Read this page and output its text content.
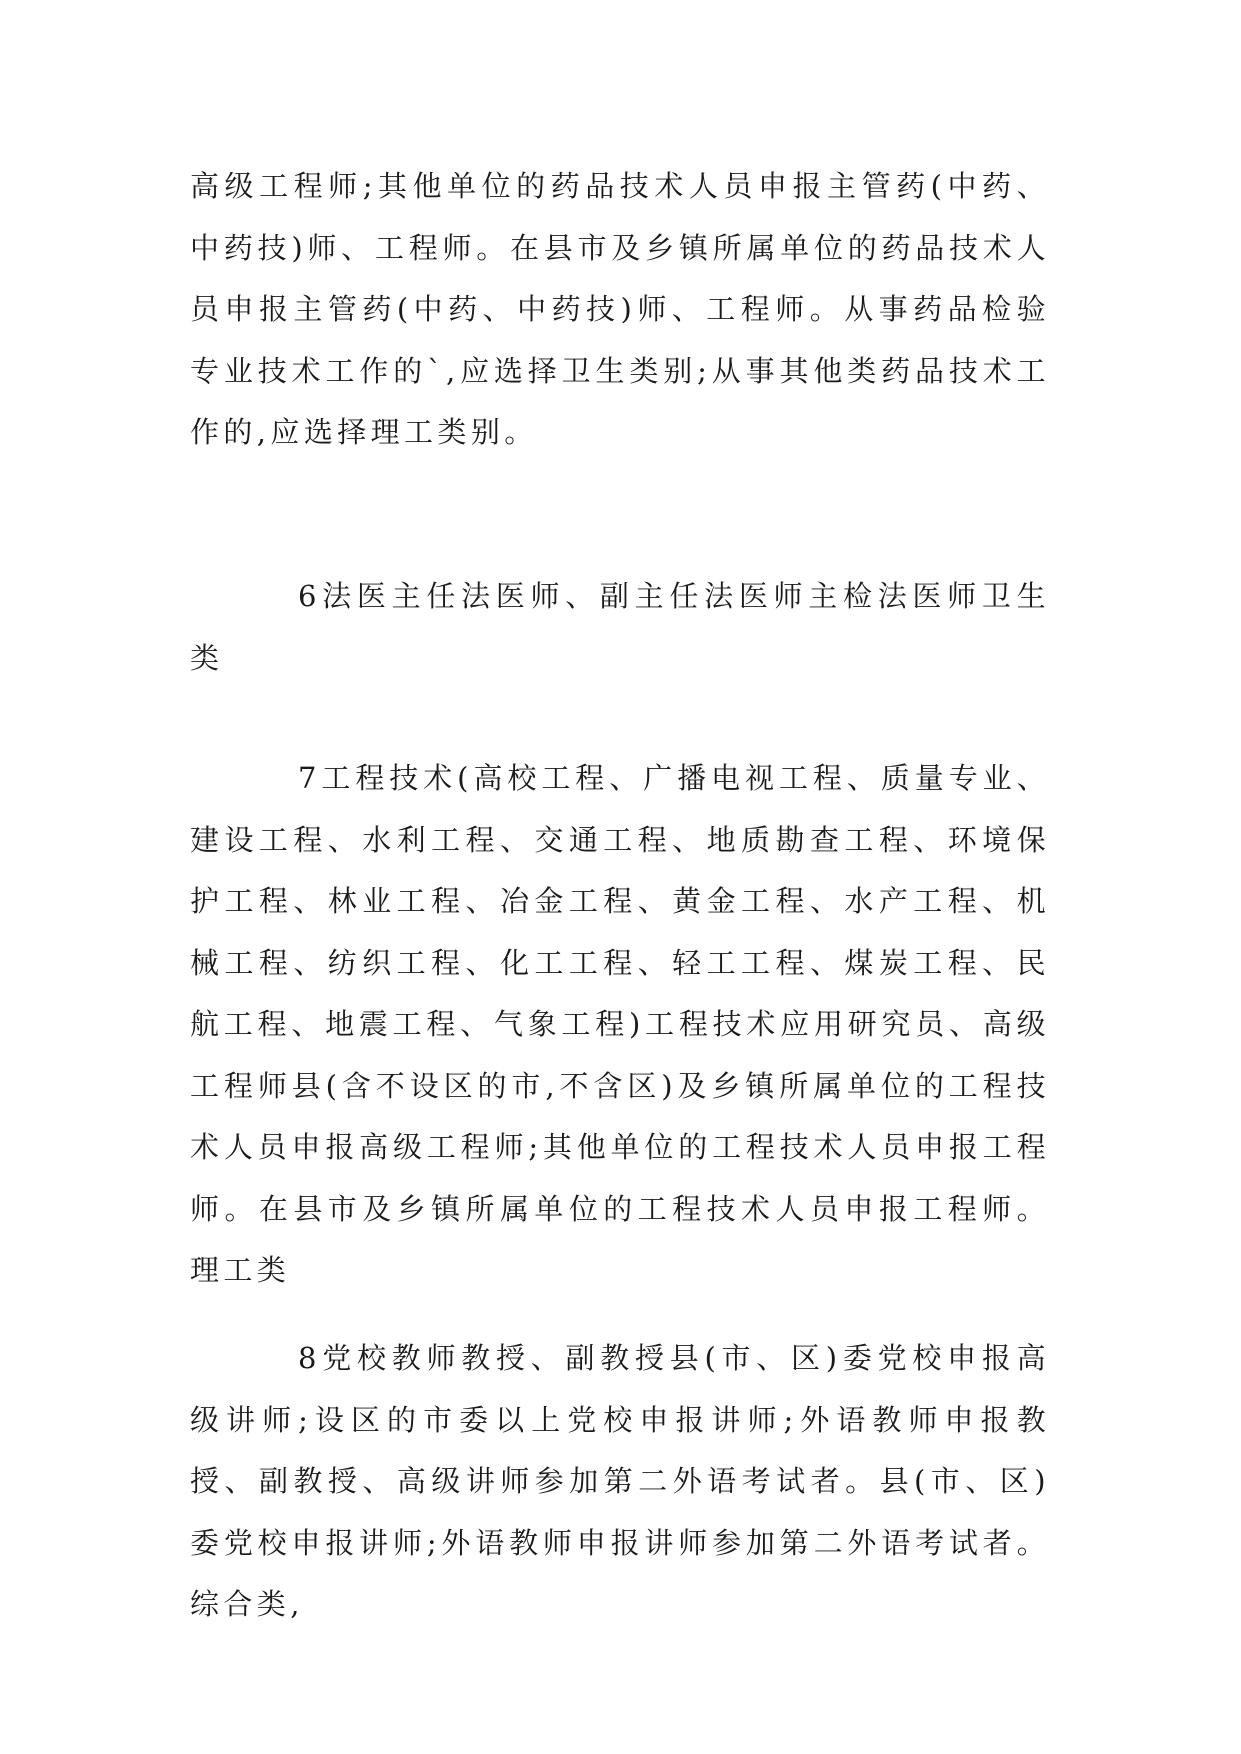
高级工程师;其他单位的药品技术人员申报主管药(中药、中药技)师、工程师。在县市及乡镇所属单位的药品技术人员申报主管药(中药、中药技)师、工程师。从事药品检验专业技术工作的`,应选择卫生类别;从事其他类药品技术工作的,应选择理工类别。

6法医主任法医师、副主任法医师主检法医师卫生类

7工程技术(高校工程、广播电视工程、质量专业、建设工程、水利工程、交通工程、地质勘查工程、环境保护工程、林业工程、冶金工程、黄金工程、水产工程、机械工程、纺织工程、化工工程、轻工工程、煤炭工程、民航工程、地震工程、气象工程)工程技术应用研究员、高级工程师县(含不设区的市,不含区)及乡镇所属单位的工程技术人员申报高级工程师;其他单位的工程技术人员申报工程师。在县市及乡镇所属单位的工程技术人员申报工程师。理工类

8党校教师教授、副教授县(市、区)委党校申报高级讲师;设区的市委以上党校申报讲师;外语教师申报教授、副教授、高级讲师参加第二外语考试者。县(市、区)委党校申报讲师;外语教师申报讲师参加第二外语考试者。综合类,
